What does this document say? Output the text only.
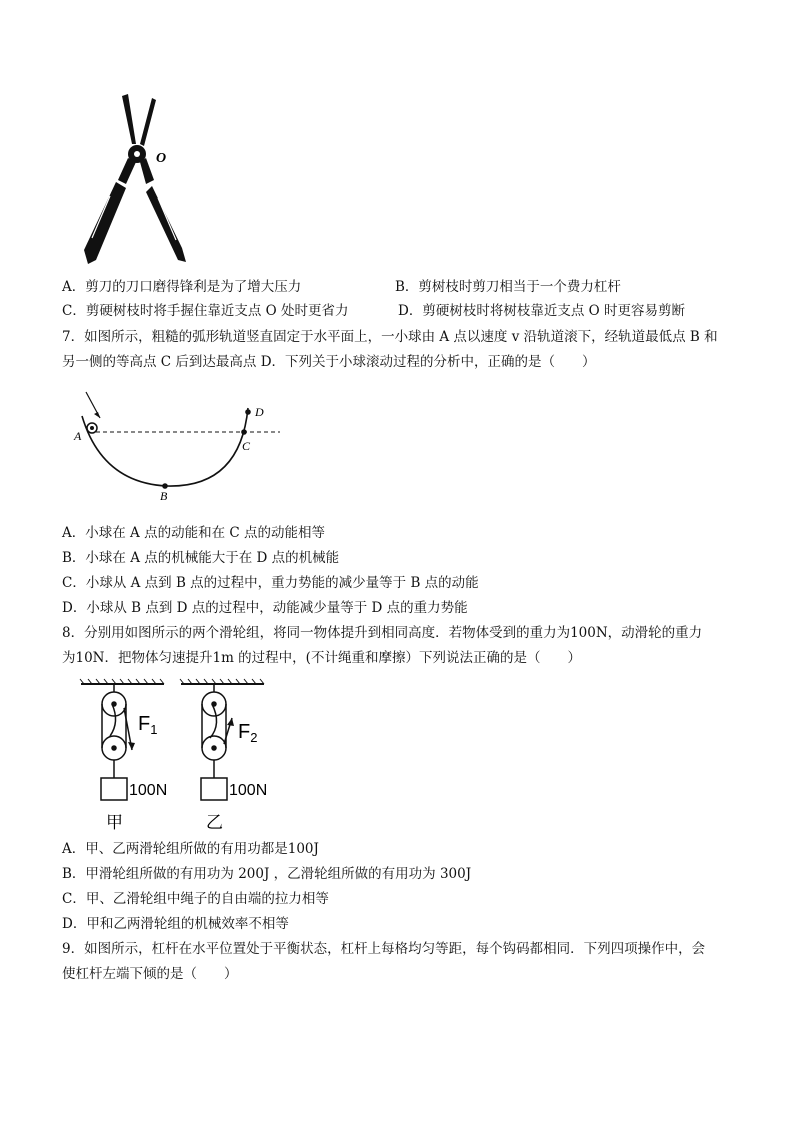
O
A．剪刀的刀口磨得锋利是为了增大压力	B．剪树枝时剪刀相当于一个费力杠杆
C．剪硬树枝时将手握住靠近支点 O 处时更省力	D．剪硬树枝时将树枝靠近支点 O 时更容易剪断
7．如图所示，粗糙的弧形轨道竖直固定于水平面上，一小球由 A 点以速度 v 沿轨道滚下，经轨道最低点 B 和
另一侧的等高点 C 后到达最高点 D．下列关于小球滚动过程的分析中，正确的是（　　）
A
B
C
D
A．小球在 A 点的动能和在 C 点的动能相等
B．小球在 A 点的机械能大于在 D 点的机械能
C．小球从 A 点到 B 点的过程中，重力势能的减少量等于 B 点的动能
D．小球从 B 点到 D 点的过程中，动能减少量等于 D 点的重力势能
8．分别用如图所示的两个滑轮组，将同一物体提升到相同高度．若物体受到的重力为100N，动滑轮的重力
为10N．把物体匀速提升1m 的过程中，(不计绳重和摩擦）下列说法正确的是（　　）
$F_1$	$F_2$
100N	100N
甲	乙
A．甲、乙两滑轮组所做的有用功都是100J
B．甲滑轮组所做的有用功为 200J ，乙滑轮组所做的有用功为 300J
C．甲、乙滑轮组中绳子的自由端的拉力相等
D．甲和乙两滑轮组的机械效率不相等
9．如图所示，杠杆在水平位置处于平衡状态，杠杆上每格均匀等距，每个钩码都相同．下列四项操作中，会
使杠杆左端下倾的是（　　）
